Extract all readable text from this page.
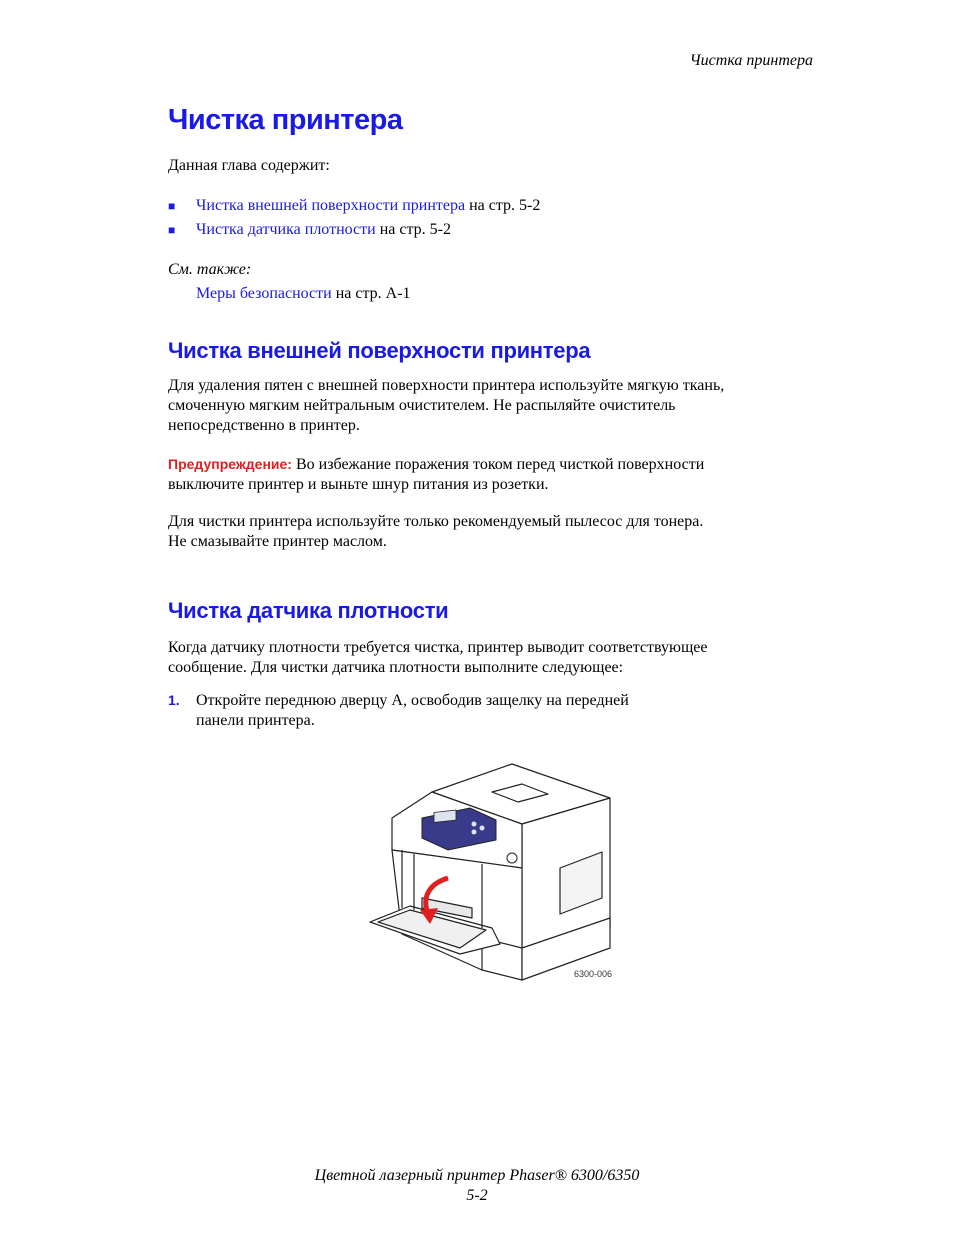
Чистка принтера
Чистка принтера

Данная глава содержит:

■ Чистка внешней поверхности принтера на стр. 5-2
■ Чистка датчика плотности на стр. 5-2
См. также:
Меры безопасности на стр. A-1
Чистка внешней поверхности принтера
Для удаления пятен с внешней поверхности принтера используйте мягкую ткань,
смоченную мягким нейтральным очистителем. Не распыляйте очиститель
непосредственно в принтер.
Предупреждение: Во избежание поражения током перед чисткой поверхности
выключите принтер и выньте шнур питания из розетки.
Для чистки принтера используйте только рекомендуемый пылесос для тонера.
Не смазывайте принтер маслом.
Чистка датчика плотности
Когда датчику плотности требуется чистка, принтер выводит соответствующее
сообщение. Для чистки датчика плотности выполните следующее:
1. Откройте переднюю дверцу A, освободив защелку на передней
панели принтера.
6300-006
Цветной лазерный принтер Phaser® 6300/6350
5-2
